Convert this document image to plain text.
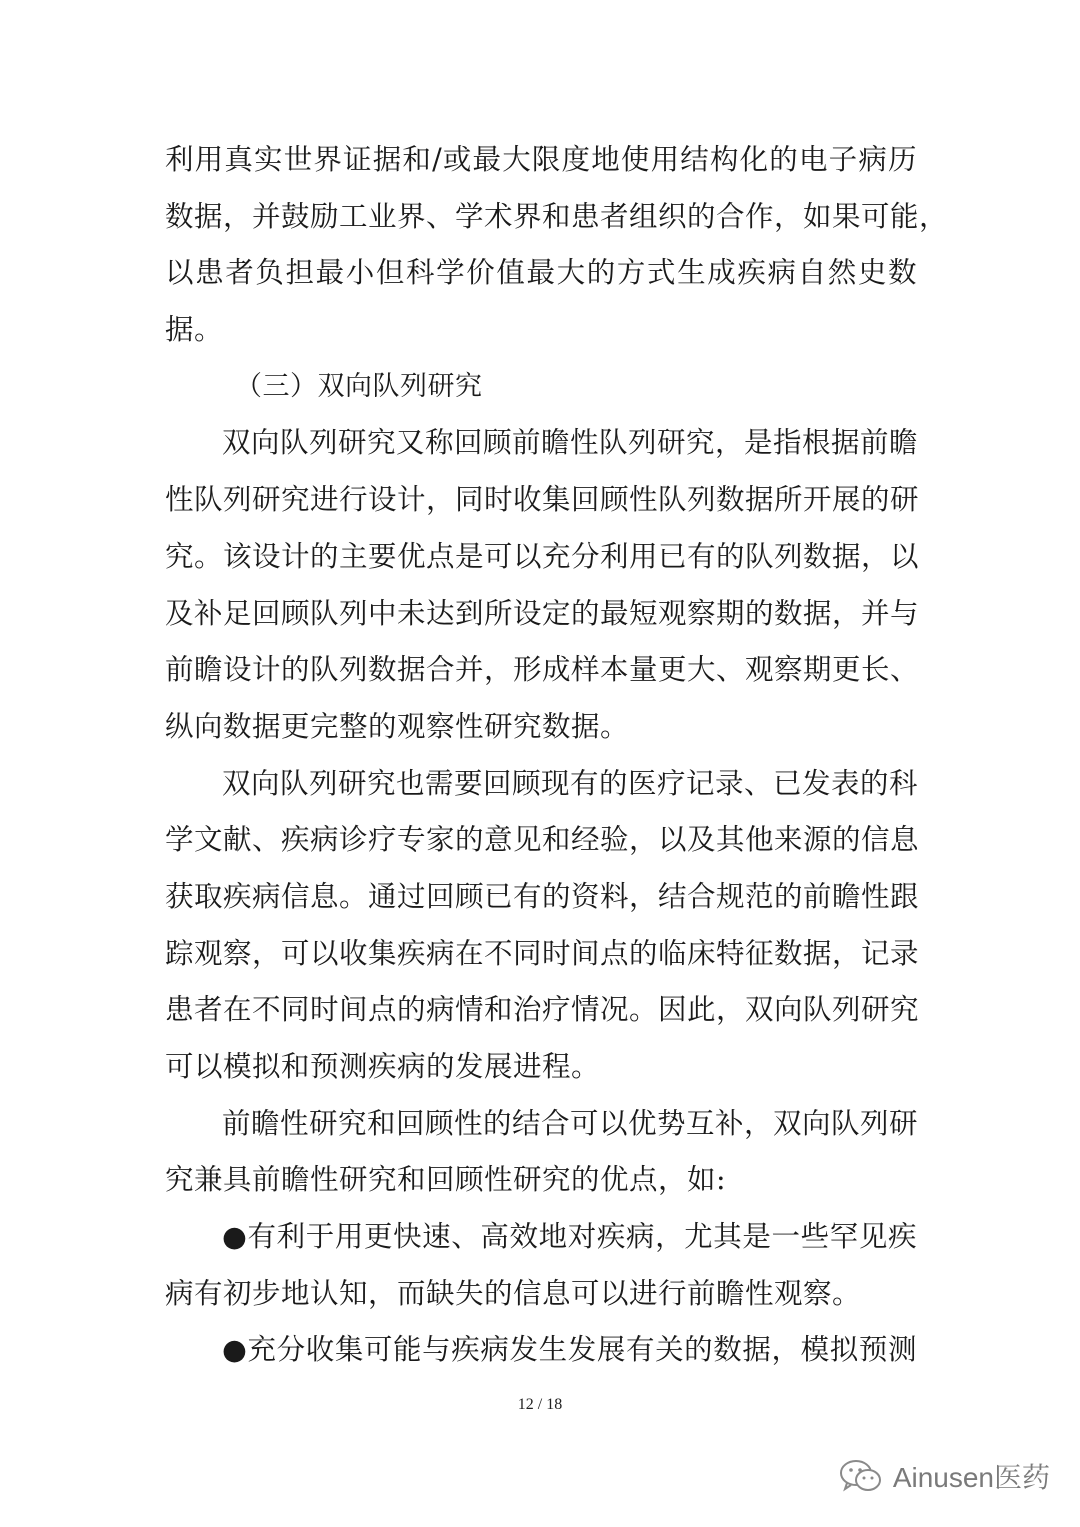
利用真实世界证据和/或最大限度地使用结构化的电子病历
数据，并鼓励工业界、学术界和患者组织的合作，如果可能，
以患者负担最小但科学价值最大的方式生成疾病自然史数
据。
（三）双向队列研究
双向队列研究又称回顾前瞻性队列研究，是指根据前瞻
性队列研究进行设计，同时收集回顾性队列数据所开展的研
究。该设计的主要优点是可以充分利用已有的队列数据，以
及补足回顾队列中未达到所设定的最短观察期的数据，并与
前瞻设计的队列数据合并，形成样本量更大、观察期更长、
纵向数据更完整的观察性研究数据。
双向队列研究也需要回顾现有的医疗记录、已发表的科
学文献、疾病诊疗专家的意见和经验，以及其他来源的信息
获取疾病信息。通过回顾已有的资料，结合规范的前瞻性跟
踪观察，可以收集疾病在不同时间点的临床特征数据，记录
患者在不同时间点的病情和治疗情况。因此，双向队列研究
可以模拟和预测疾病的发展进程。
前瞻性研究和回顾性的结合可以优势互补，双向队列研
究兼具前瞻性研究和回顾性研究的优点，如:
●有利于用更快速、高效地对疾病，尤其是一些罕见疾
病有初步地认知，而缺失的信息可以进行前瞻性观察。
●充分收集可能与疾病发生发展有关的数据，模拟预测
12 / 18
Ainusen医药
